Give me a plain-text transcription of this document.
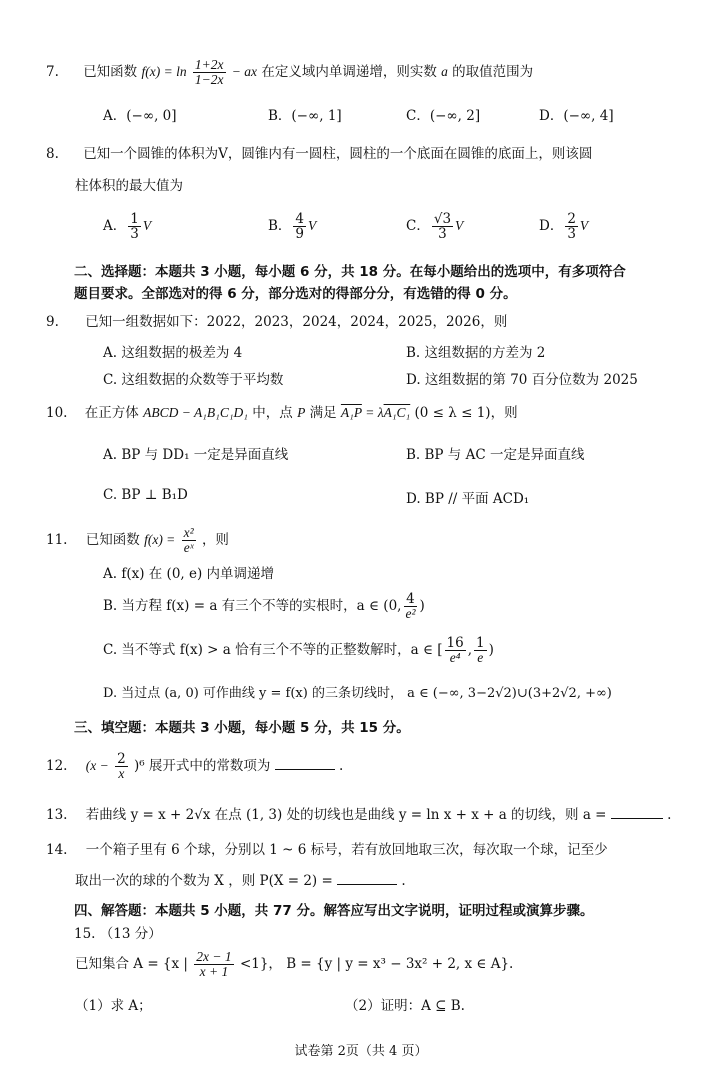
7. 已知函数 $f(x) = \ln \frac{1+2x}{1-2x}$ − ax 在定义域内单调递增，则实数 a 的取值范围为
A．(−∞, 0]	B．(−∞, 1]	C．(−∞, 2]	D．(−∞, 4]
8. 已知一个圆锥的体积为V，圆锥内有一圆柱，圆柱的一个底面在圆锥的底面上，则该圆
柱体积的最大值为
A． $\frac{1}{3}$ V	B． $\frac{4}{9}$ V	C． $\frac{√3}{3}$ V	D． $\frac{2}{3}$ V
二、选择题：本题共 3 小题，每小题 6 分，共 18 分。在每小题给出的选项中，有多项符合
题目要求。全部选对的得 6 分，部分选对的得部分分，有选错的得 0 分。
9. 已知一组数据如下：2022，2023，2024，2024，2025，2026，则
A. 这组数据的极差为 4	B. 这组数据的方差为 2
C. 这组数据的众数等于平均数	D. 这组数据的第 70 百分位数为 2025
10. 在正方体 ABCD − A₁B₁C₁D₁ 中，点 P 满足 A₁P = λA₁C₁ (0 ≤ λ ≤ 1)，则
A. BP 与 DD₁ 一定是异面直线	B. BP 与 AC 一定是异面直线
C. BP ⊥ B₁D	D. BP // 平面 ACD₁
11. 已知函数 $f(x) = \frac{\text{x²}}{\text{eˣ}}$ ，则
A. f(x) 在 (0, e) 内单调递增
B. 当方程 f(x) = a 有三个不等的实根时，a ∈ (0, $\frac{4}{\text{e²}}$ )
C. 当不等式 f(x) > a 恰有三个不等的正整数解时，a ∈ [ $\frac{16}{\text{e⁴}}$ , $\frac{1}{e}$ )
D. 当过点 (a, 0) 可作曲线 y = f(x) 的三条切线时， a ∈ (−∞, 3−2√2)∪(3+2√2, +∞)
三、填空题：本题共 3 小题，每小题 5 分，共 15 分。
12. $(x - \frac{2}{x} )^6$ 展开式中的常数项为	.
13. 若曲线 y = x + 2√x 在点 (1, 3) 处的切线也是曲线 y = ln x + x + a 的切线，则 a =	.
14. 一个箱子里有 6 个球，分别以 1 ~ 6 标号，若有放回地取三次，每次取一个球，记至少
取出一次的球的个数为 X ，则 P(X = 2) =	.
四、解答题：本题共 5 小题，共 77 分。解答应写出文字说明，证明过程或演算步骤。
15. （13 分）
已知集合 A = {x | $\frac{2x - 1}{x + 1} <1$}， B = {y | y = x³ − 3x² + 2, x ∈ A}.
（1）求 A；	（2）证明：A ⊆ B.
试卷第 2页（共 4 页）
